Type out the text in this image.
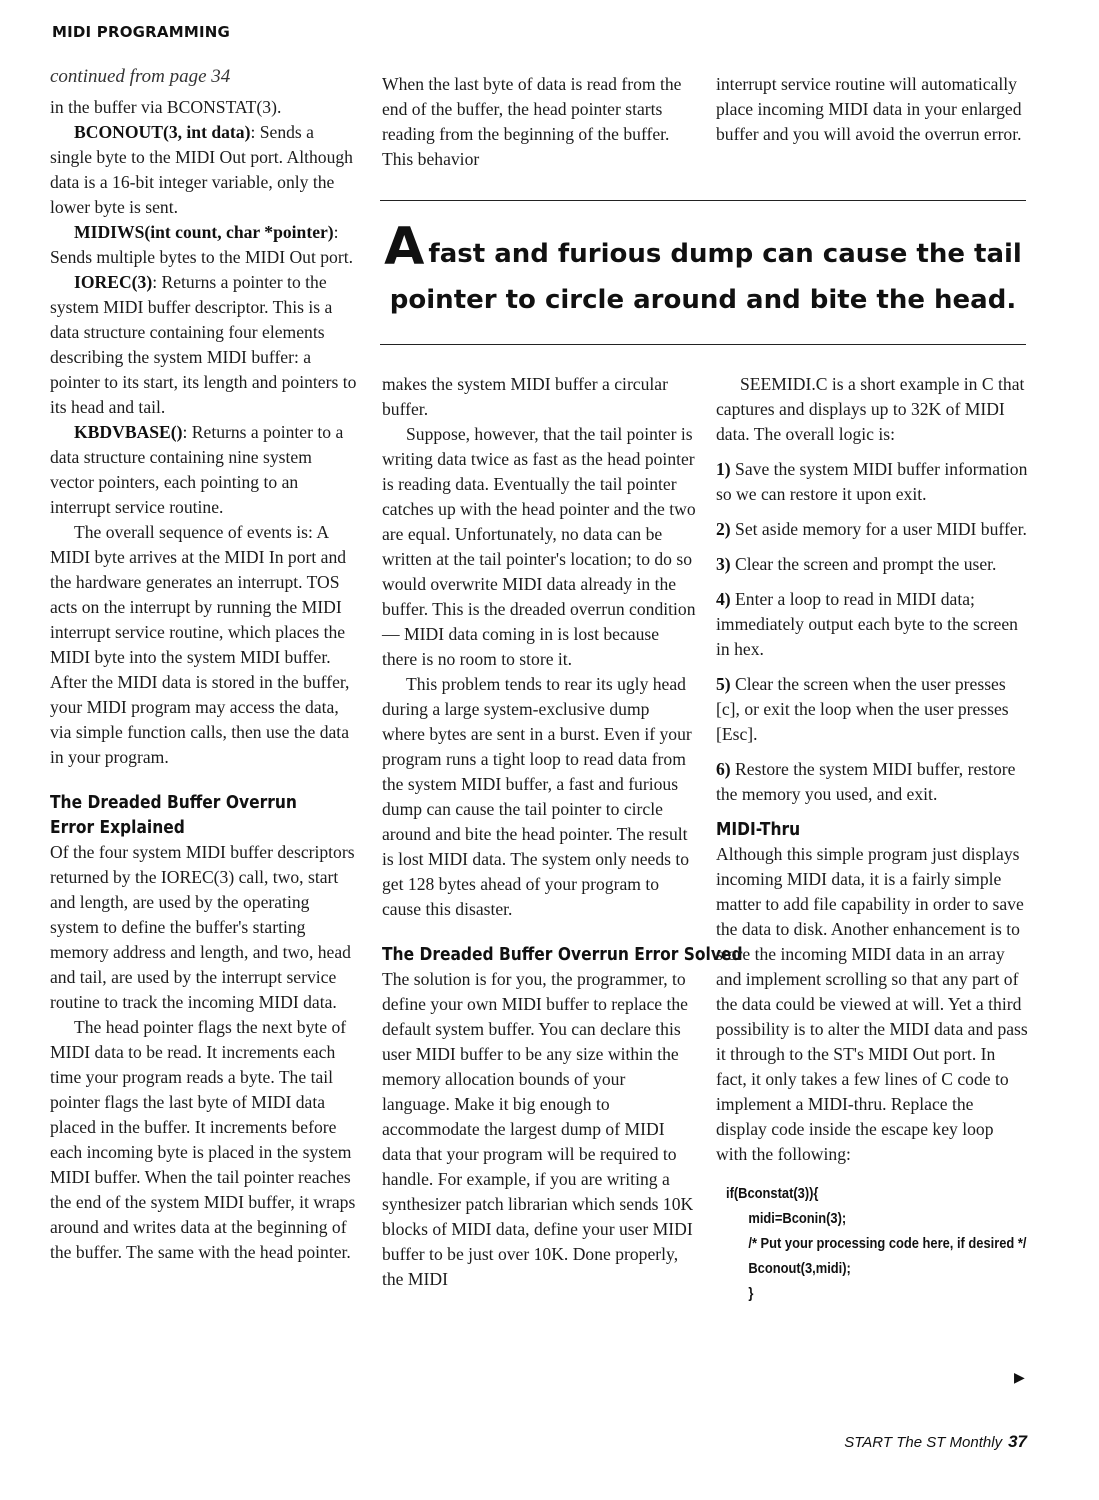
MIDI PROGRAMMING
continued from page 34

in the buffer via BCONSTAT(3).

BCONOUT(3, int data): Sends a single byte to the MIDI Out port. Although data is a 16-bit integer variable, only the lower byte is sent.

MIDIWS(int count, char *pointer): Sends multiple bytes to the MIDI Out port.

IOREC(3): Returns a pointer to the system MIDI buffer descriptor. This is a data structure containing four elements describing the system MIDI buffer: a pointer to its start, its length and pointers to its head and tail.

KBDVBASE(): Returns a pointer to a data structure containing nine system vector pointers, each pointing to an interrupt service routine.

The overall sequence of events is: A MIDI byte arrives at the MIDI In port and the hardware generates an interrupt. TOS acts on the interrupt by running the MIDI interrupt service routine, which places the MIDI byte into the system MIDI buffer. After the MIDI data is stored in the buffer, your MIDI program may access the data, via simple function calls, then use the data in your program.

The Dreaded Buffer Overrun Error Explained

Of the four system MIDI buffer descriptors returned by the IOREC(3) call, two, start and length, are used by the operating system to define the buffer's starting memory address and length, and two, head and tail, are used by the interrupt service routine to track the incoming MIDI data.

The head pointer flags the next byte of MIDI data to be read. It increments each time your program reads a byte. The tail pointer flags the last byte of MIDI data placed in the buffer. It increments before each incoming byte is placed in the system MIDI buffer. When the tail pointer reaches the end of the system MIDI buffer, it wraps around and writes data at the beginning of the buffer. The same with the head pointer.

When the last byte of data is read from the end of the buffer, the head pointer starts reading from the beginning of the buffer. This behavior

interrupt service routine will automatically place incoming MIDI data in your enlarged buffer and you will avoid the overrun error.

Afast and furious dump can cause the tail pointer to circle around and bite the head.

makes the system MIDI buffer a circular buffer.

Suppose, however, that the tail pointer is writing data twice as fast as the head pointer is reading data. Eventually the tail pointer catches up with the head pointer and the two are equal. Unfortunately, no data can be written at the tail pointer's location; to do so would overwrite MIDI data already in the buffer. This is the dreaded overrun condition — MIDI data coming in is lost because there is no room to store it.

This problem tends to rear its ugly head during a large system-exclusive dump where bytes are sent in a burst. Even if your program runs a tight loop to read data from the system MIDI buffer, a fast and furious dump can cause the tail pointer to circle around and bite the head pointer. The result is lost MIDI data. The system only needs to get 128 bytes ahead of your program to cause this disaster.

The Dreaded Buffer Overrun Error Solved

The solution is for you, the programmer, to define your own MIDI buffer to replace the default system buffer. You can declare this user MIDI buffer to be any size within the memory allocation bounds of your language. Make it big enough to accommodate the largest dump of MIDI data that your program will be required to handle. For example, if you are writing a synthesizer patch librarian which sends 10K blocks of MIDI data, define your user MIDI buffer to be just over 10K. Done properly, the MIDI

SEEMIDI.C is a short example in C that captures and displays up to 32K of MIDI data. The overall logic is:

1) Save the system MIDI buffer information so we can restore it upon exit.
2) Set aside memory for a user MIDI buffer.
3) Clear the screen and prompt the user.
4) Enter a loop to read in MIDI data; immediately output each byte to the screen in hex.
5) Clear the screen when the user presses [c], or exit the loop when the user presses [Esc].
6) Restore the system MIDI buffer, restore the memory you used, and exit.
MIDI-Thru

Although this simple program just displays incoming MIDI data, it is a fairly simple matter to add file capability in order to save the data to disk. Another enhancement is to store the incoming MIDI data in an array and implement scrolling so that any part of the data could be viewed at will. Yet a third possibility is to alter the MIDI data and pass it through to the ST's MIDI Out port. In fact, it only takes a few lines of C code to implement a MIDI-thru. Replace the display code inside the escape key loop with the following:

if(Bconstat(3)){
midi=Bconin(3);
/* Put your processing code here, if desired */
Bconout(3,midi);
}
▶
START The ST Monthly 37
